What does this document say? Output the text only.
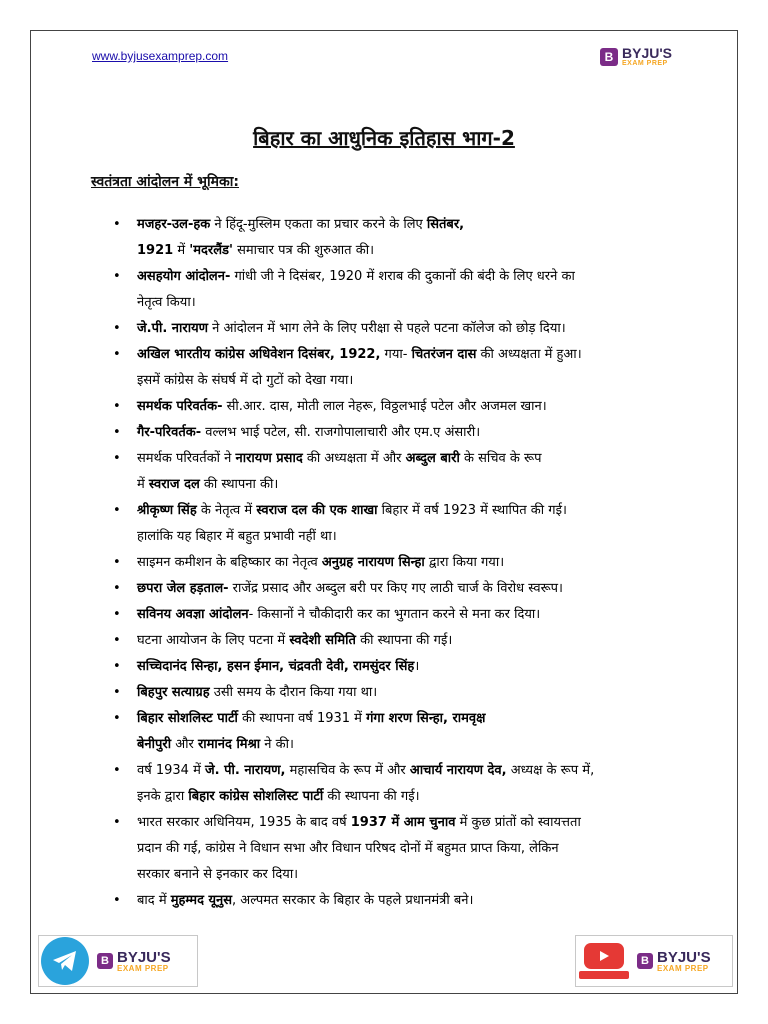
www.byjusexamprep.com	B BYJU'S
EXAM PREP
बिहार का आधुनिक इतिहास भाग-2
स्वतंत्रता आंदोलन में भूमिका:
• मजहर-उल-हक ने हिंदू-मुस्लिम एकता का प्रचार करने के लिए सितंबर,
1921 में 'मदरलैंड' समाचार पत्र की शुरुआत की।
• असहयोग आंदोलन- गांधी जी ने दिसंबर, 1920 में शराब की दुकानों की बंदी के लिए धरने का
नेतृत्व किया।
• जे.पी. नारायण ने आंदोलन में भाग लेने के लिए परीक्षा से पहले पटना कॉलेज को छोड़ दिया।
• अखिल भारतीय कांग्रेस अधिवेशन दिसंबर, 1922, गया- चितरंजन दास की अध्यक्षता में हुआ।
इसमें कांग्रेस के संघर्ष में दो गुटों को देखा गया।
• समर्थक परिवर्तक- सी.आर. दास, मोती लाल नेहरू, विठ्ठलभाई पटेल और अजमल खान।
• गैर-परिवर्तक- वल्लभ भाई पटेल, सी. राजगोपालाचारी और एम.ए अंसारी।
• समर्थक परिवर्तकों ने नारायण प्रसाद की अध्यक्षता में और अब्दुल बारी के सचिव के रूप
में स्वराज दल की स्थापना की।
• श्रीकृष्ण सिंह के नेतृत्व में स्वराज दल की एक शाखा बिहार में वर्ष 1923 में स्थापित की गई।
हालांकि यह बिहार में बहुत प्रभावी नहीं था।
• साइमन कमीशन के बहिष्कार का नेतृत्व अनुग्रह नारायण सिन्हा द्वारा किया गया।
• छपरा जेल हड़ताल- राजेंद्र प्रसाद और अब्दुल बरी पर किए गए लाठी चार्ज के विरोध स्वरूप।
• सविनय अवज्ञा आंदोलन- किसानों ने चौकीदारी कर का भुगतान करने से मना कर दिया।
• घटना आयोजन के लिए पटना में स्वदेशी समिति की स्थापना की गई।
• सच्चिदानंद सिन्हा, हसन ईमान, चंद्रवती देवी, रामसुंदर सिंह।
• बिहपुर सत्याग्रह उसी समय के दौरान किया गया था।
• बिहार सोशलिस्ट पार्टी की स्थापना वर्ष 1931 में गंगा शरण सिन्हा, रामवृक्ष
बेनीपुरी और रामानंद मिश्रा ने की।
• वर्ष 1934 में जे. पी. नारायण, महासचिव के रूप में और आचार्य नारायण देव, अध्यक्ष के रूप में,
इनके द्वारा बिहार कांग्रेस सोशलिस्ट पार्टी की स्थापना की गई।
• भारत सरकार अधिनियम, 1935 के बाद वर्ष 1937 में आम चुनाव में कुछ प्रांतों को स्वायत्तता
प्रदान की गई, कांग्रेस ने विधान सभा और विधान परिषद दोनों में बहुमत प्राप्त किया, लेकिन
सरकार बनाने से इनकार कर दिया।
• बाद में मुहम्मद यूनुस, अल्पमत सरकार के बिहार के पहले प्रधानमंत्री बने।
B BYJU'S
EXAM PREP
B BYJU'S
EXAM PREP
